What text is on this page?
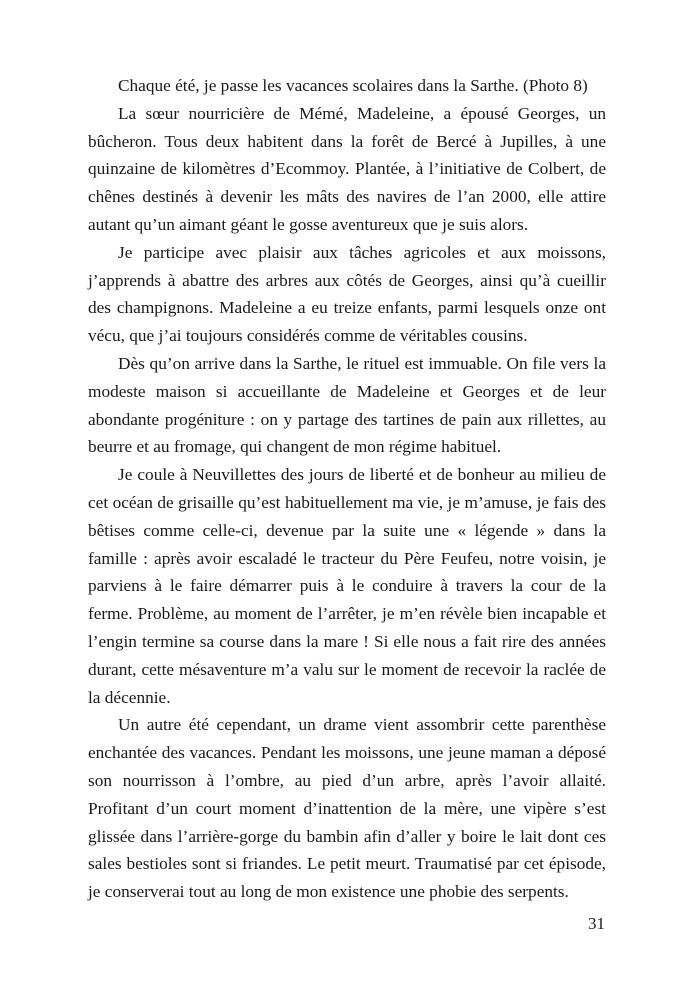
Chaque été, je passe les vacances scolaires dans la Sarthe. (Photo 8)

La sœur nourricière de Mémé, Madeleine, a épousé Georges, un bûcheron. Tous deux habitent dans la forêt de Bercé à Jupilles, à une quinzaine de kilomètres d’Ecommoy. Plantée, à l’initiative de Colbert, de chênes destinés à devenir les mâts des navires de l’an 2000, elle attire autant qu’un aimant géant le gosse aventureux que je suis alors.

Je participe avec plaisir aux tâches agricoles et aux moissons, j’apprends à abattre des arbres aux côtés de Georges, ainsi qu’à cueillir des champignons. Madeleine a eu treize enfants, parmi lesquels onze ont vécu, que j’ai toujours considérés comme de véritables cousins.

Dès qu’on arrive dans la Sarthe, le rituel est immuable. On file vers la modeste maison si accueillante de Madeleine et Georges et de leur abondante progéniture : on y partage des tartines de pain aux rillettes, au beurre et au fromage, qui changent de mon régime habituel.

Je coule à Neuvillettes des jours de liberté et de bonheur au milieu de cet océan de grisaille qu’est habituellement ma vie, je m’amuse, je fais des bêtises comme celle-ci, devenue par la suite une « légende » dans la famille : après avoir escaladé le tracteur du Père Feufeu, notre voisin, je parviens à le faire démarrer puis à le conduire à travers la cour de la ferme. Problème, au moment de l’arrêter, je m’en révèle bien incapable et l’engin termine sa course dans la mare ! Si elle nous a fait rire des années durant, cette mésaventure m’a valu sur le moment de recevoir la raclée de la décennie.

Un autre été cependant, un drame vient assombrir cette parenthèse enchantée des vacances. Pendant les moissons, une jeune maman a déposé son nourrisson à l’ombre, au pied d’un arbre, après l’avoir allaité. Profitant d’un court moment d’inattention de la mère, une vipère s’est glissée dans l’arrière-gorge du bambin afin d’aller y boire le lait dont ces sales bestioles sont si friandes. Le petit meurt. Traumatisé par cet épisode, je conserverai tout au long de mon existence une phobie des serpents.

31
